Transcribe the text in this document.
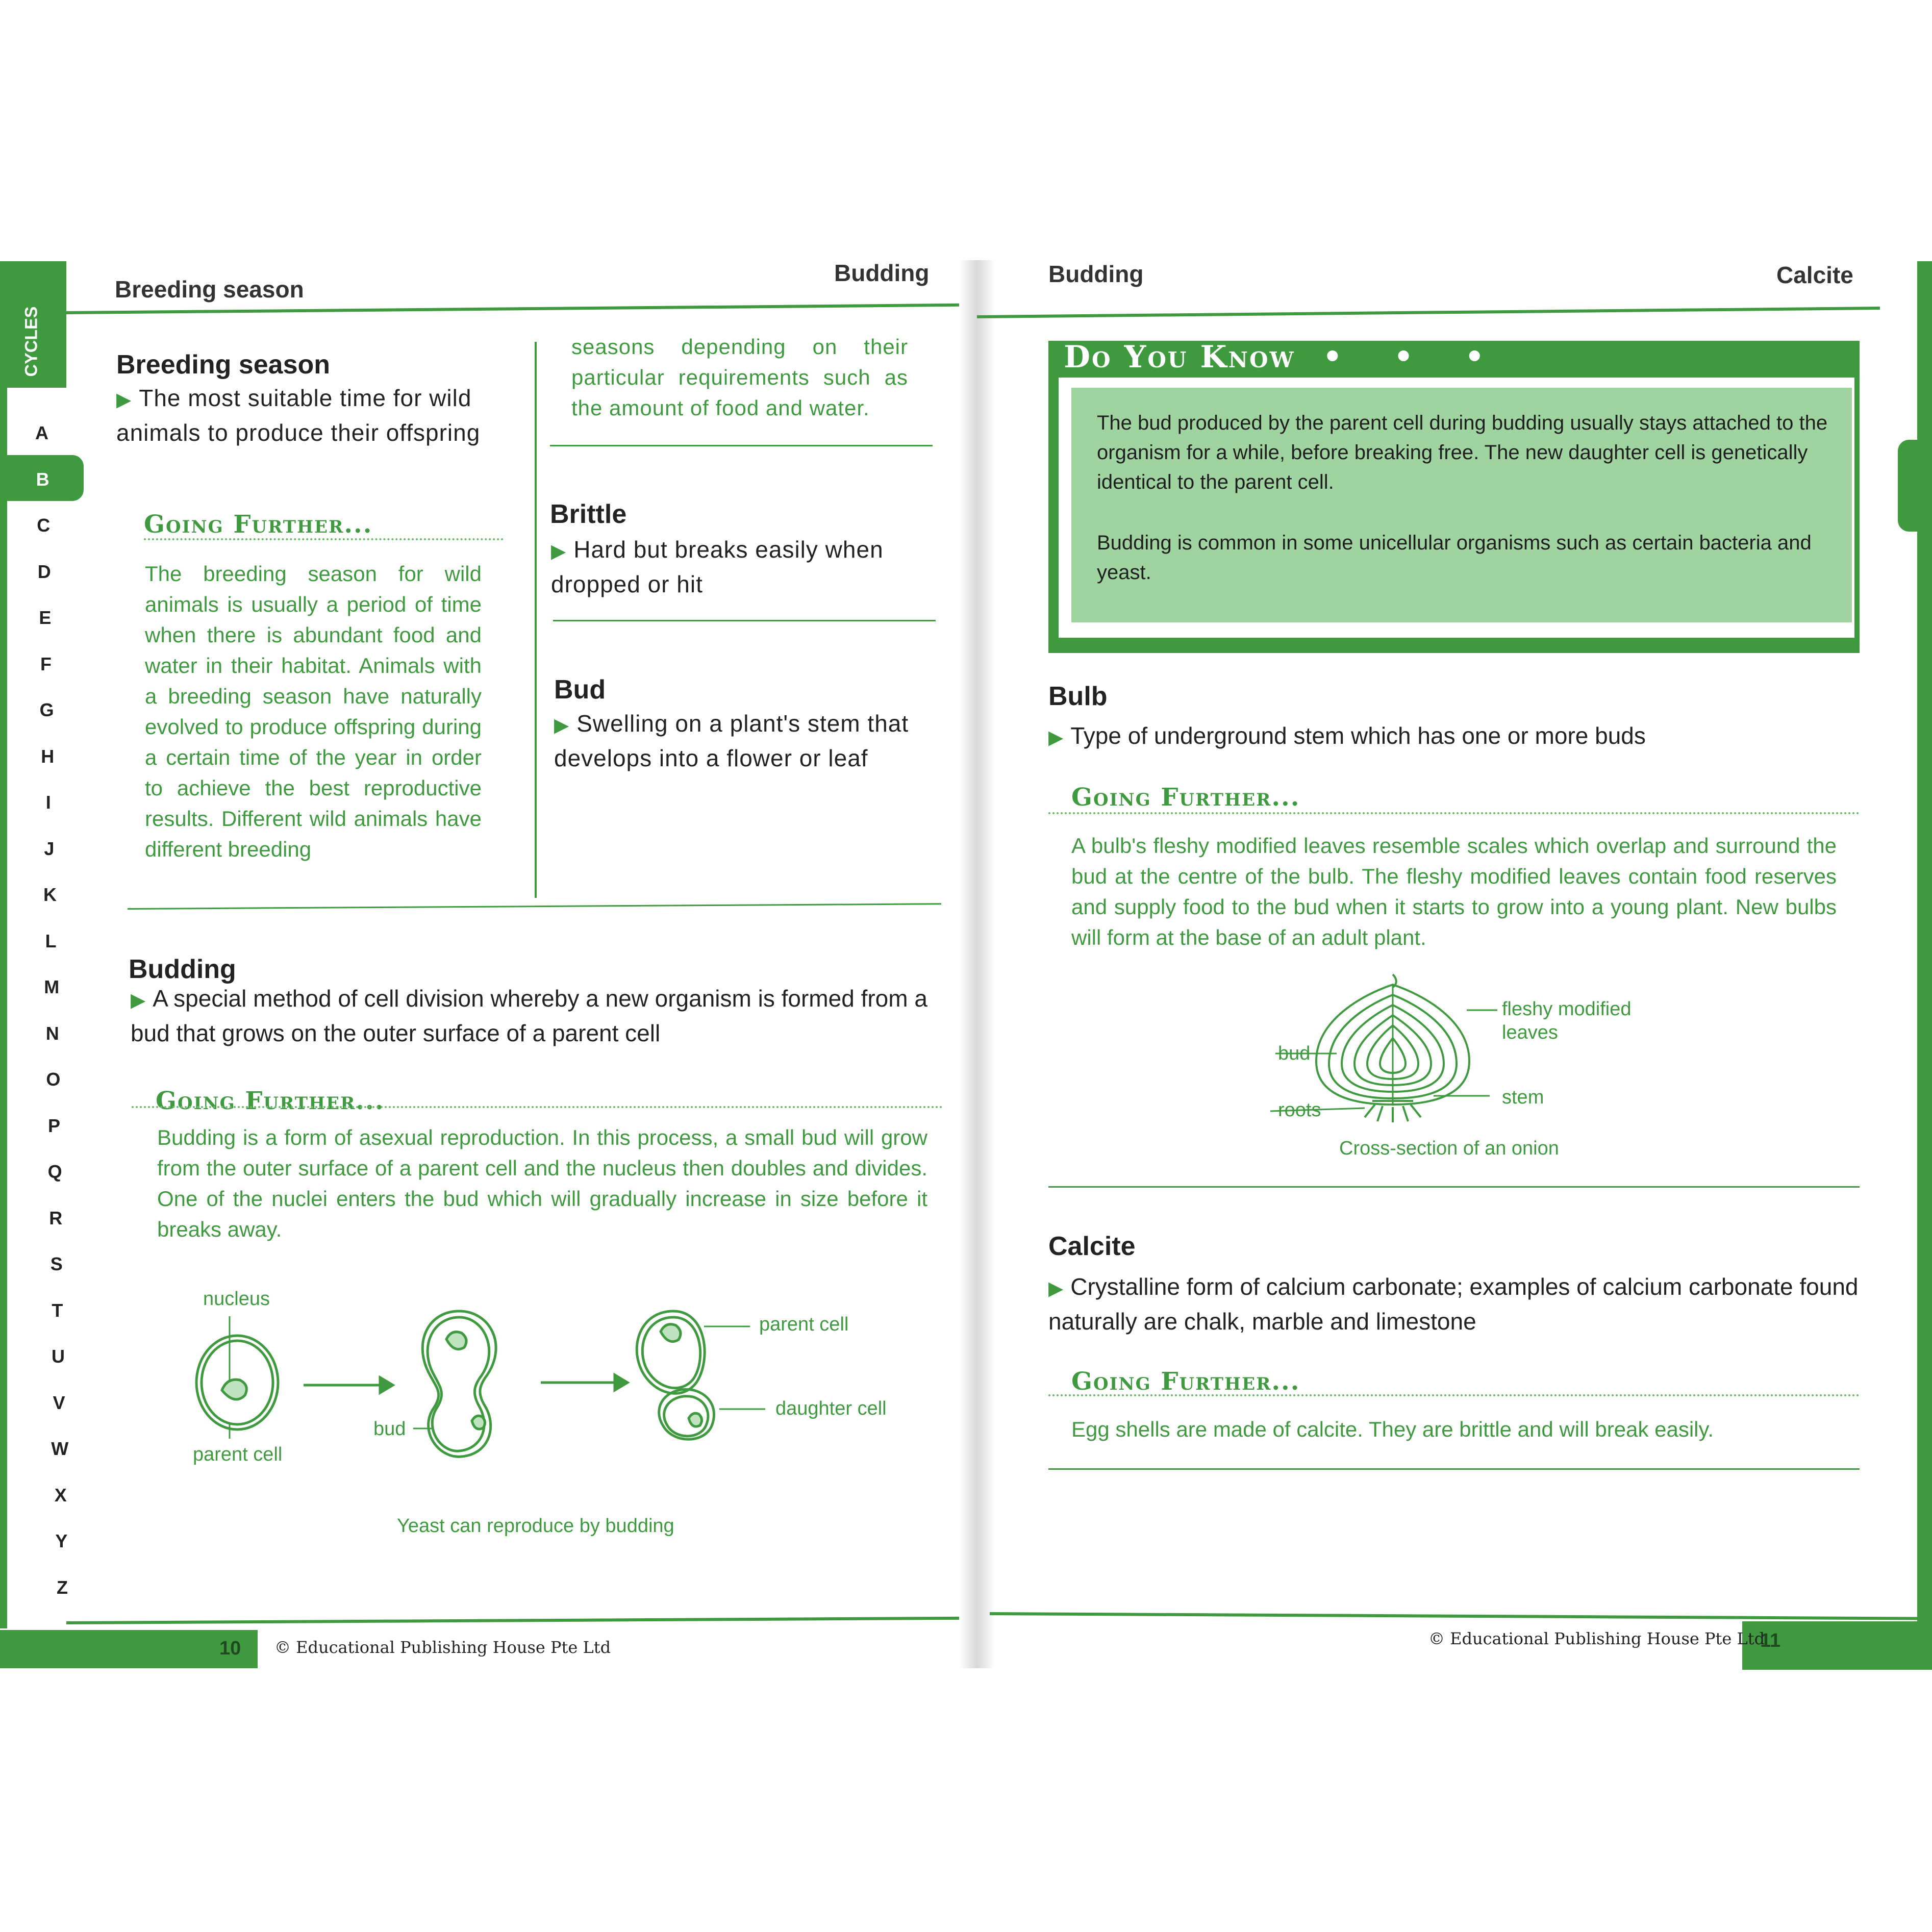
CYCLES
A
B
C
D
E
F
G
H
I
J
K
L
M
N
O
P
Q
R
S
T
U
V
W
X
Y
Z
Breeding season
Budding
Breeding season
▶ The most suitable time for wild animals to produce their offspring
Going Further...
The breeding season for wild animals is usually a period of time when there is abundant food and water in their habitat. Animals with a breeding season have naturally evolved to produce offspring during a certain time of the year in order to achieve the best reproductive results. Different wild animals have different breeding
seasons depending on their particular requirements such as the amount of food and water.
Brittle
▶ Hard but breaks easily when dropped or hit
Bud
▶ Swelling on a plant's stem that develops into a flower or leaf
Budding
▶ A special method of cell division whereby a new organism is formed from a bud that grows on the outer surface of a parent cell
Going Further...
Budding is a form of asexual reproduction. In this process, a small bud will grow from the outer surface of a parent cell and the nucleus then doubles and divides. One of the nuclei enters the bud which will gradually increase in size before it breaks away.
nucleus
parent cell
bud
parent cell
daughter cell
Yeast can reproduce by budding
10 © Educational Publishing House Pte Ltd
Budding	Calcite
Do You Know • • •
The bud produced by the parent cell during budding usually stays attached to the organism for a while, before breaking free. The new daughter cell is genetically identical to the parent cell.
Budding is common in some unicellular organisms such as certain bacteria and yeast.
Bulb
▶ Type of underground stem which has one or more buds
Going Further...
A bulb's fleshy modified leaves resemble scales which overlap and surround the bud at the centre of the bulb. The fleshy modified leaves contain food reserves and supply food to the bud when it starts to grow into a young plant. New bulbs will form at the base of an adult plant.
fleshy modified leaves
bud
stem
roots
Cross-section of an onion
Calcite
▶ Crystalline form of calcium carbonate; examples of calcium carbonate found naturally are chalk, marble and limestone
Going Further...
Egg shells are made of calcite. They are brittle and will break easily.
11
© Educational Publishing House Pte Ltd
